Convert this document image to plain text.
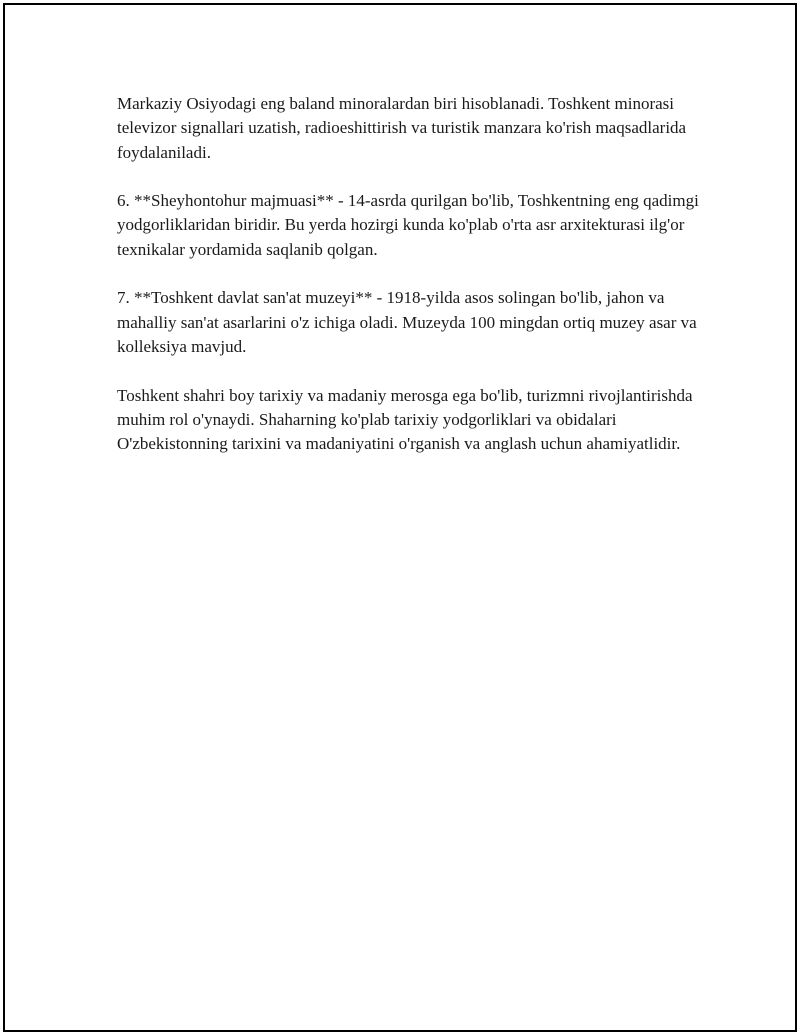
Markaziy Osiyodagi eng baland minoralardan biri hisoblanadi. Toshkent minorasi televizor signallari uzatish, radioeshittirish va turistik manzara ko'rish maqsadlarida foydalaniladi.

6. **Sheyhontohur majmuasi** - 14-asrda qurilgan bo'lib, Toshkentning eng qadimgi yodgorliklaridan biridir. Bu yerda hozirgi kunda ko'plab o'rta asr arxitekturasi ilg'or texnikalar yordamida saqlanib qolgan.

7. **Toshkent davlat san'at muzeyi** - 1918-yilda asos solingan bo'lib, jahon va mahalliy san'at asarlarini o'z ichiga oladi. Muzeyda 100 mingdan ortiq muzey asar va kolleksiya mavjud.

Toshkent shahri boy tarixiy va madaniy merosga ega bo'lib, turizmni rivojlantirishda muhim rol o'ynaydi. Shaharning ko'plab tarixiy yodgorliklari va obidalari O'zbekistonning tarixini va madaniyatini o'rganish va anglash uchun ahamiyatlidir.
